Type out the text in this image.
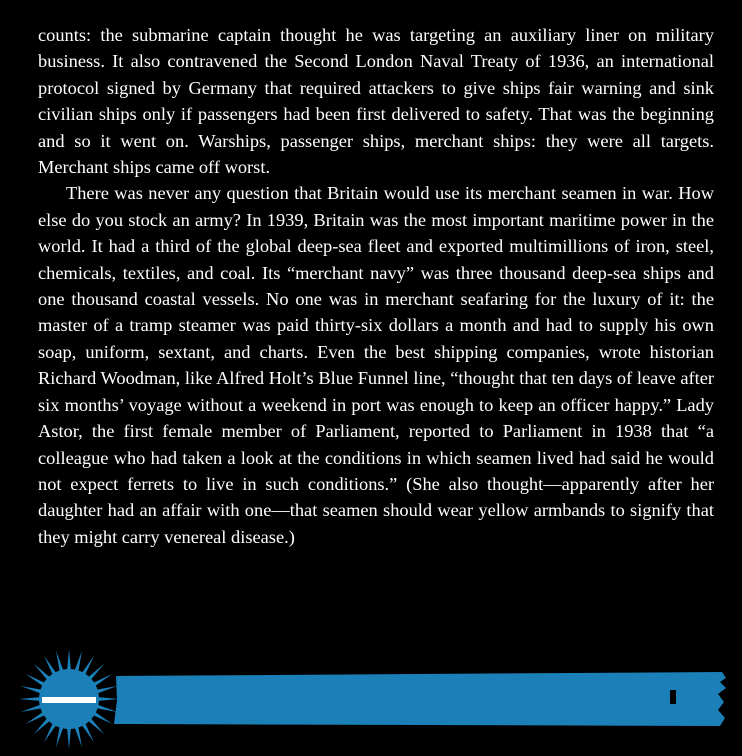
counts: the submarine captain thought he was targeting an auxiliary liner on military business. It also contravened the Second London Naval Treaty of 1936, an international protocol signed by Germany that required attackers to give ships fair warning and sink civilian ships only if passengers had been first delivered to safety. That was the beginning and so it went on. Warships, passenger ships, merchant ships: they were all targets. Merchant ships came off worst.

There was never any question that Britain would use its merchant seamen in war. How else do you stock an army? In 1939, Britain was the most important maritime power in the world. It had a third of the global deep-sea fleet and exported multimillions of iron, steel, chemicals, textiles, and coal. Its “merchant navy” was three thousand deep-sea ships and one thousand coastal vessels. No one was in merchant seafaring for the luxury of it: the master of a tramp steamer was paid thirty-six dollars a month and had to supply his own soap, uniform, sextant, and charts. Even the best shipping companies, wrote historian Richard Woodman, like Alfred Holt’s Blue Funnel line, “thought that ten days of leave after six months’ voyage without a weekend in port was enough to keep an officer happy.” Lady Astor, the first female member of Parliament, reported to Parliament in 1938 that “a colleague who had taken a look at the conditions in which seamen lived had said he would not expect ferrets to live in such conditions.” (She also thought—apparently after her daughter had an affair with one—that seamen should wear yellow armbands to signify that they might carry venereal disease.)
